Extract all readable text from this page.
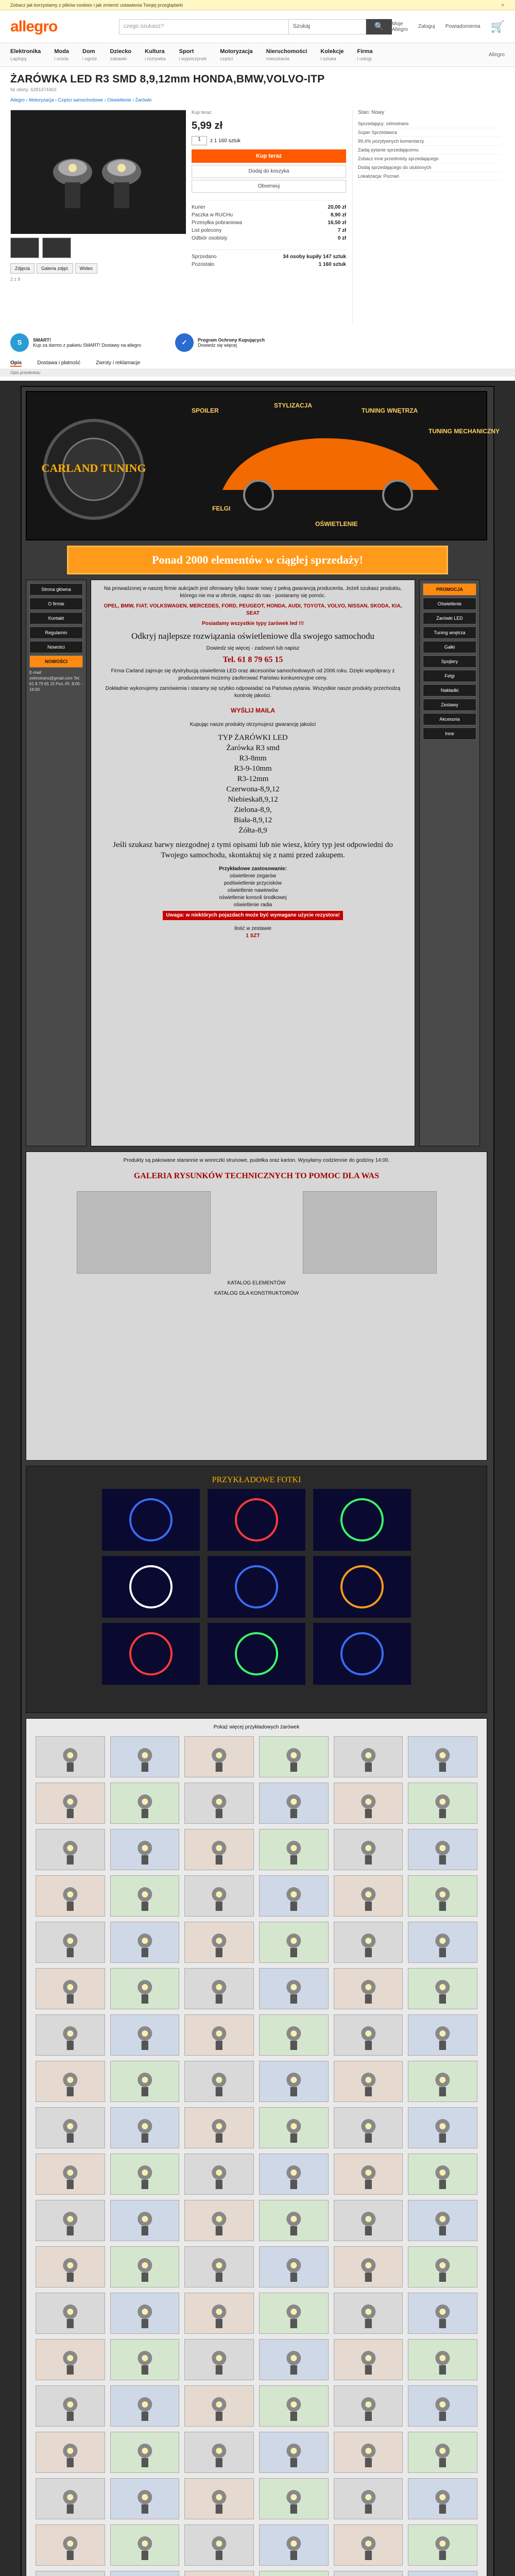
Zobacz jak korzystamy z plików cookies i jak zmienić ustawienia Twojej przeglądarki	✕
allegro	czego szukasz?	Szukaj	🔍	Moje Allegro Zaloguj Powiadomienia 🛒
Elektronika
Laptopy
Moda
i uroda
Dom
i ogród
Dziecko
zabawki
Kultura
i rozrywka
Sport
i wypoczynek
Motoryzacja
części
Nieruchomości
mieszkania
Kolekcje
i sztuka
Firma
i usługi
Allegro
ŻARÓWKA LED R3 SMD 8,9,12mm HONDA,BMW,VOLVO-ITP
Nr oferty: 6281474463
Allegro › Motoryzacja › Części samochodowe › Oświetlenie › Żarówki
Zdjęcia	Galeria zdjęć	Wideo
2 z 8
Kup teraz
5,99 zł
1	z 1 160 sztuk
Kup teraz
Dodaj do koszyka
Obserwuj
Kurier	20,00 zł
Paczka w RUCHu	8,90 zł
Przesyłka pobraniowa	16,50 zł
List polecony	7 zł
Odbiór osobisty	0 zł
Sprzedano	34 osoby kupiły 147 sztuk
Pozostało	1 160 sztuk
Stan: Nowy
Sprzedający: zelmotrans
Super Sprzedawca
99,4% pozytywnych komentarzy
Zadaj pytanie sprzedającemu
Zobacz inne przedmioty sprzedającego
Dodaj sprzedającego do ulubionych
Lokalizacja: Poznań
S	SMART!
Kup za darmo z pakietu SMART! Dostawy na allegro	✓	Program Ochrony Kupujących
Dowiedz się więcej
Opis	Dostawa i płatność	Zwroty i reklamacje
Opis przedmiotu
CARLAND TUNING
SPOILER
STYLIZACJA
TUNING WNĘTRZA
FELGI
OŚWIETLENIE
TUNING MECHANICZNY
Ponad 2000 elementów w ciągłej sprzedaży!
Strona główna
O firmie
Kontakt
Regulamin
Nowości
NOWOŚCI
E-mail: zelmotrans@gmail.com Tel: 61 8 79 65 15 Pon.-Pt. 8:00 - 16:00

Na prowadzonej w naszej firmie aukcjach jest oferowany tylko towar nowy z pełną gwarancją producenta. Jeżeli szukasz produktu, którego nie ma w ofercie, napisz do nas - postaramy się pomóc.

OPEL, BMW, FIAT, VOLKSWAGEN, MERCEDES, FORD, PEUGEOT, HONDA, AUDI, TOYOTA, VOLVO, NISSAN, SKODA, KIA, SEAT

Posiadamy wszystkie typy żarówek led !!!

Odkryj najlepsze rozwiązania oświetleniowe dla swojego samochodu

Dowiedz się więcej - zadzwoń lub napisz

Tel. 61 8 79 65 15

Firma Carland zajmuje się dystrybucją oświetlenia LED oraz akcesoriów samochodowych od 2006 roku. Dzięki współpracy z producentami możemy zaoferować Państwu konkurencyjne ceny.

Dokładnie wykonujemy zamówienia i staramy się szybko odpowiadać na Państwa pytania. Wszystkie nasze produkty przechodzą kontrolę jakości.

WYŚLIJ MAILA

Kupując nasze produkty otrzymujesz gwarancję jakości

TYP ŻARÓWKI LED
Żarówka R3 smd
R3-8mm
R3-9-10mm
R3-12mm
Czerwona-8,9,12
Niebieska8,9,12
Zielona-8,9,
Biała-8,9,12
Żółta-8,9

Jeśli szukasz barwy niezgodnej z tymi opisami lub nie wiesz, który typ jest odpowiedni do Twojego samochodu, skontaktuj się z nami przed zakupem.

Przykładowe zastosowanie:

oświetlenie zegarów
podświetlenie przycisków
oświetlenie nawiewów
oświetlenie konsoli środkowej
oświetlenie radia
Uwaga: w niektórych pojazdach może być wymagane użycie rezystora!

Ilość w zestawie

1 SZT

PROMOCJA
Oświetlenie
Żarówki LED
Tuning wnętrza
Gałki
Spojlery
Felgi
Nakładki
Zestawy
Akcesoria
Inne

Produkty są pakowane starannie w woreczki strunowe, pudełka oraz karton. Wysyłamy codziennie do godziny 14:00.

GALERIA RYSUNKÓW TECHNICZNYCH TO POMOC DLA WAS

KATALOG ELEMENTÓW

KATALOG DLA KONSTRUKTORÓW

PRZYKŁADOWE FOTKI

Pokaż więcej przykładowych żarówek
